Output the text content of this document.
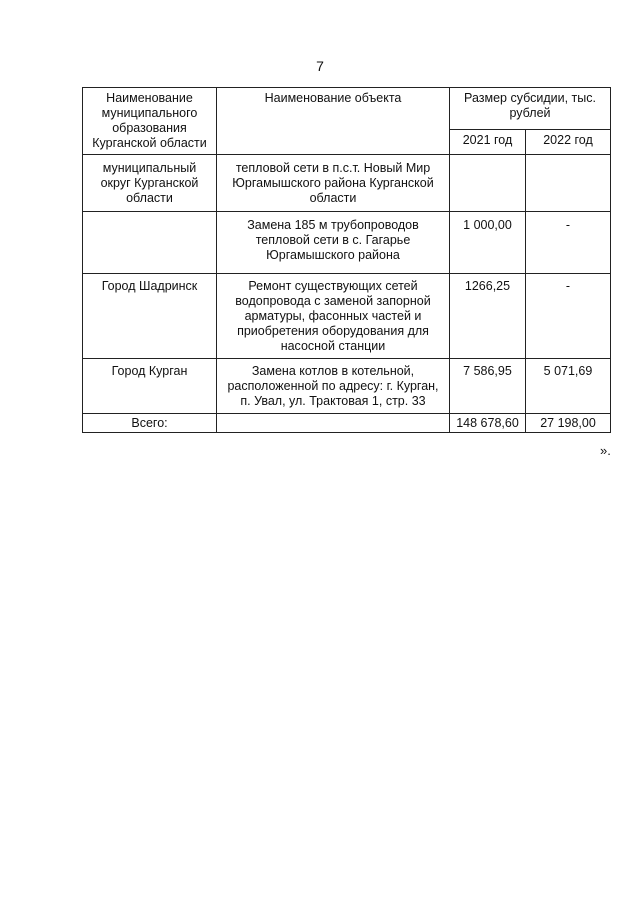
7
Наименование муниципального образования Курганской области	Наименование объекта	Размер субсидии, тыс. рублей	
		2021 год	2022 год
муниципальный округ Курганской области	тепловой сети в п.с.т. Новый Мир Юргамышского района Курганской области		
	Замена 185 м трубопроводов тепловой сети в с. Гагарье Юргамышского района	1 000,00	-
Город Шадринск	Ремонт существующих сетей водопровода с заменой запорной арматуры, фасонных частей и приобретения оборудования для насосной станции	1266,25	-
Город Курган	Замена котлов в котельной, расположенной по адресу: г. Курган, п. Увал, ул. Трактовая 1, стр. 33	7 586,95	5 071,69
Всего:		148 678,60	27 198,00
».
